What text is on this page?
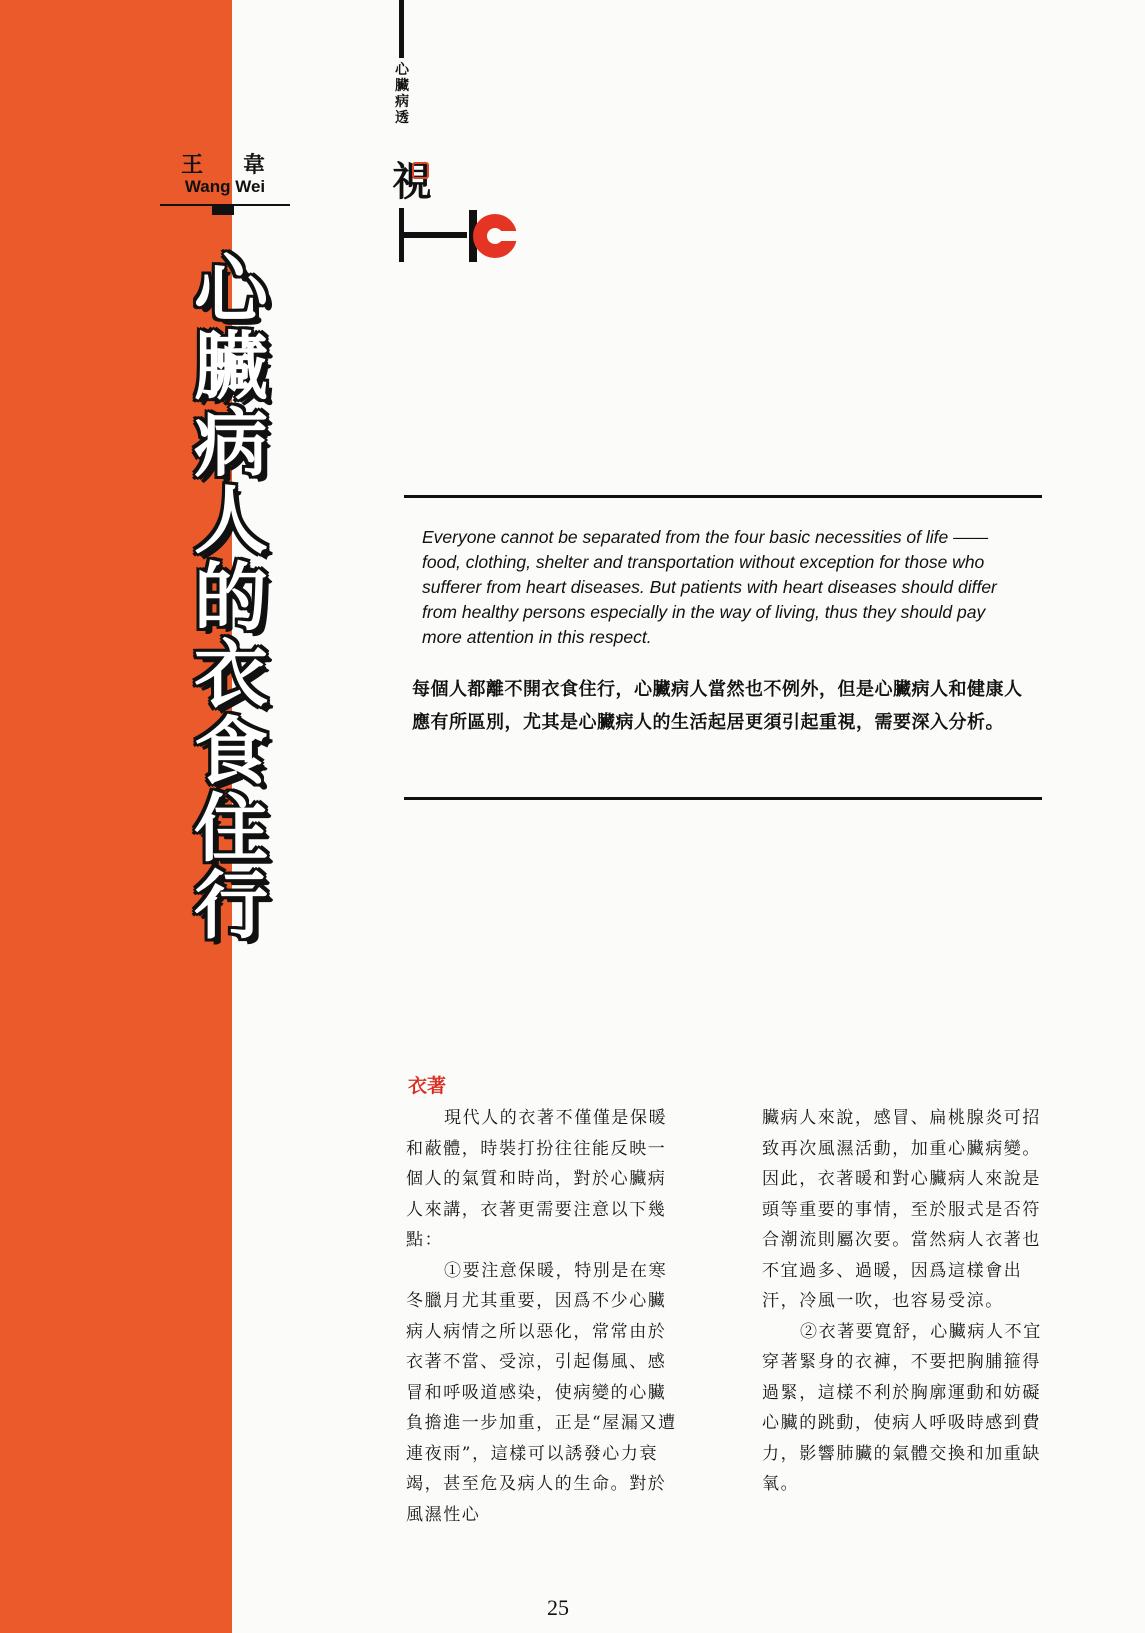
王 韋
Wang Wei
心
臟
病
人
的
衣
食
住
行
心
臟
病
透
視
Everyone cannot be separated from the four basic necessities of life —— food, clothing, shelter and transportation without exception for those who sufferer from heart diseases. But patients with heart diseases should differ from healthy persons especially in the way of living, thus they should pay more attention in this respect.
每個人都離不開衣食住行，心臟病人當然也不例外，但是心臟病人和健康人應有所區別，尤其是心臟病人的生活起居更須引起重視，需要深入分析。
衣著

現代人的衣著不僅僅是保暖和蔽體，時裝打扮往往能反映一個人的氣質和時尚，對於心臟病人來講，衣著更需要注意以下幾點：

①要注意保暖，特別是在寒冬臘月尤其重要，因爲不少心臟病人病情之所以惡化，常常由於衣著不當、受涼，引起傷風、感冒和呼吸道感染，使病變的心臟負擔進一步加重，正是“屋漏又遭連夜雨”，這樣可以誘發心力衰竭，甚至危及病人的生命。對於風濕性心

臟病人來說，感冒、扁桃腺炎可招致再次風濕活動，加重心臟病變。因此，衣著暖和對心臟病人來說是頭等重要的事情，至於服式是否符合潮流則屬次要。當然病人衣著也不宜過多、過暖，因爲這樣會出汗，冷風一吹，也容易受涼。

②衣著要寬舒，心臟病人不宜穿著緊身的衣褲，不要把胸脯箍得過緊，這樣不利於胸廓運動和妨礙心臟的跳動，使病人呼吸時感到費力，影響肺臟的氣體交換和加重缺氧。

25
